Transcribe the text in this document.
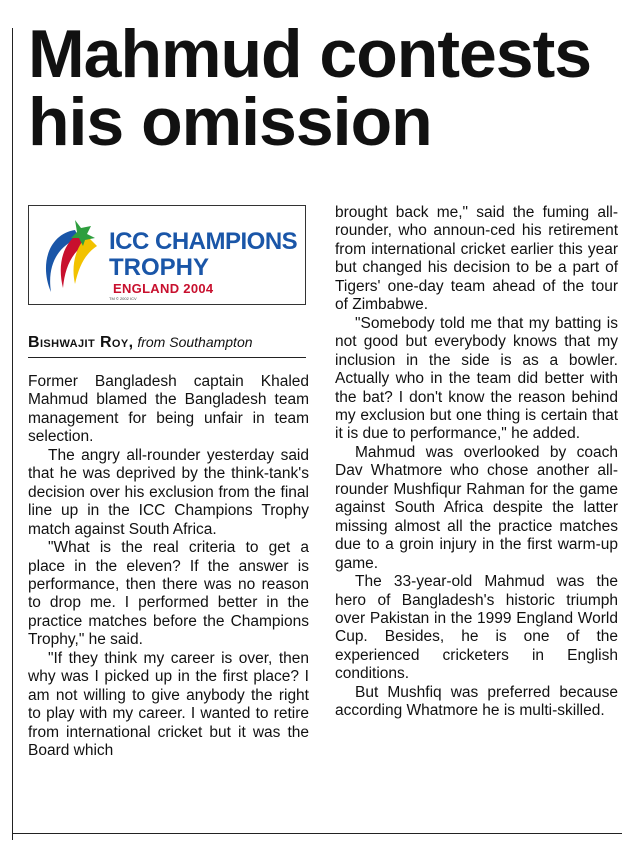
Mahmud contests
his omission
ICC CHAMPIONS
TROPHY
ENGLAND 2004
TM © 2002 ICV
Bishwajit Roy, from Southampton

Former Bangladesh captain Khaled Mahmud blamed the Bangladesh team management for being unfair in team selection.

The angry all-rounder yesterday said that he was deprived by the think-tank's decision over his exclusion from the final line up in the ICC Champions Trophy match against South Africa.

"What is the real criteria to get a place in the eleven? If the answer is performance, then there was no reason to drop me. I performed better in the practice matches before the Champions Trophy," he said.

"If they think my career is over, then why was I picked up in the first place? I am not willing to give anybody the right to play with my career. I wanted to retire from international cricket but it was the Board which

brought back me," said the fuming all-rounder, who announ-ced his retirement from international cricket earlier this year but changed his decision to be a part of Tigers' one-day team ahead of the tour of Zimbabwe.

"Somebody told me that my batting is not good but everybody knows that my inclusion in the side is as a bowler. Actually who in the team did better with the bat? I don't know the reason behind my exclusion but one thing is certain that it is due to performance," he added.

Mahmud was overlooked by coach Dav Whatmore who chose another all-rounder Mushfiqur Rahman for the game against South Africa despite the latter missing almost all the practice matches due to a groin injury in the first warm-up game.

The 33-year-old Mahmud was the hero of Bangladesh's historic triumph over Pakistan in the 1999 England World Cup. Besides, he is one of the experienced cricketers in English conditions.

But Mushfiq was preferred because according Whatmore he is multi-skilled.
